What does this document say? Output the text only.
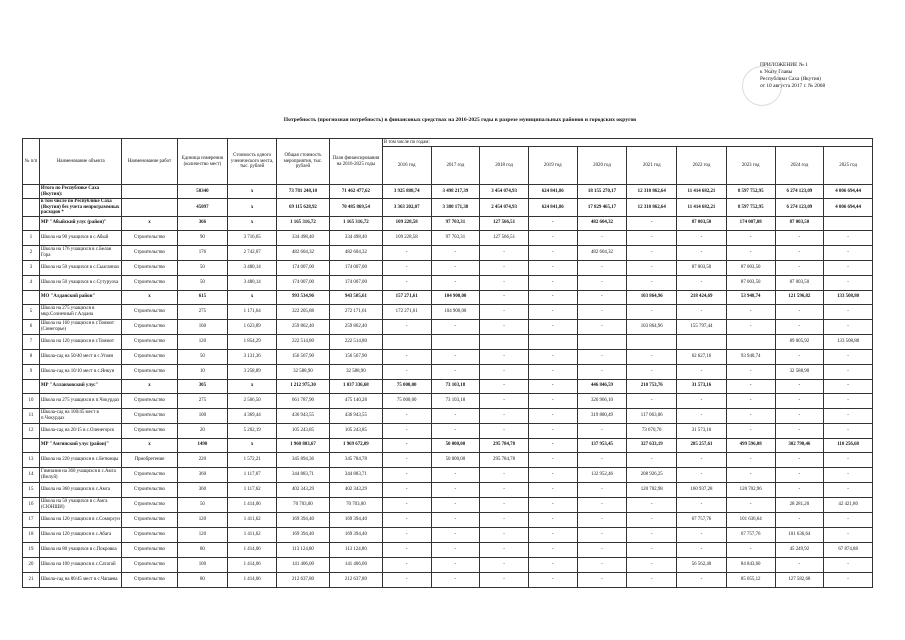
ПРИЛОЖЕНИЕ № 1
к Указу Главы
Республики Саха (Якутия)
от 10 августа 2017 г. № 2068
Потребность (прогнозная потребность) в финансовых средствах на 2016-2025 годы в разрезе муниципальных районов и городских округов
№ п/п	Наименование объекта	Наименование работ	Единица измерения (количество мест)	Стоимость одного ученического места, тыс. рублей	Общая стоимость мероприятия, тыс. рублей	План финансирования на 2016-2025 годы	В том числе по годам:									
							2016 год	2017 год	2018 год	2019 год	2020 год	2021 год	2022 год	2023 год	2024 год	2025 год
	Итого по Республике Саха (Якутия):		50340	x	73 781 248,10	71 462 477,62	3 925 888,74	3 498 217,39	3 454 074,93	624 841,86	18 155 270,17	12 310 862,64	11 414 682,21	8 597 752,95	6 274 123,09	4 006 694,44
	в том числе по Республике Саха (Якутия) без учета непрограммных расходов *		45097	x	69 115 628,92	70 485 869,54	3 363 202,07	3 380 171,38	2 454 074,93	624 841,86	17 829 465,17	12 310 862,64	11 414 682,21	8 597 752,95	6 274 123,09	4 006 694,44
	МР "Абыйский улус (район)"	x	366	x	1 165 316,72	1 165 316,72	109 228,58	97 703,31	127 566,51	-	482 604,32	-	87 003,50	174 007,08	87 003,50	
1	Школа на 90 учащихся в с.Абый	Строительство	90	3 716,65	334 498,40	334 498,40	109 228,58	97 703,31	127 566,51	-	-	-	-	-	-	-
2	Школа на 176 учащихся в с.Белая Гора	Строительство	176	2 742,07	482 604,32	482 604,32	-	-	-	-	482 604,32	-	-	-	-	-
3	Школа на 50 учащихся в с.Сыаганнах	Строительство	50	3 480,14	174 007,00	174 007,00	-	-	-	-	-	-	87 003,50	87 003,50	-	-
4	Школа на 50 учащихся в с.Сутуруоха	Строительство	50	3 480,14	174 007,00	174 007,00	-	-	-	-	-	-	-	87 003,50	87 003,50	-
	МО "Алданский район"	x	615	x	993 534,96	943 505,61	157 271,61	104 900,00	-	-	-	103 864,96	218 424,69	53 948,74	121 596,82	133 508,80
5	Школа на 275 учащихся в мкр.Солнечный г.Алдана	Строительство	275	1 171,64	322 205,88	272 171,61	172 271,61	104 900,00	-	-	-	-	-	-	-	-
6	Школа на 160 учащихся в г.Томмот (Синегорье)	Строительство	160	1 623,89	259 862,40	259 862,40	-	-	-	-	-	103 864,96	155 797,44	-	-	-
7	Школа на 120 учащихся в г.Томмот	Строительство	120	1 854,29	222 514,80	222 514,80									89 005,92	133 508,88
8	Школа-сад на 50/40 мест в с.Угоян	Строительство	50	3 131,36	156 567,90	156 567,90	-	-	-	-	-	-	62 627,16	93 940,74	-	-
9	Школа-сад на 10/10 мест в с.Янкун	Строительство	10	3 258,89	32 588,90	32 588,90	-	-	-	-	-	-	-	-	32 588,90	-
	МР "Аллаиховский улус"	x	305	x	1 212 975,30	1 037 336,68	75 000,00	73 103,18	-	-	446 846,59	210 753,76	31 573,16	-	-	-
10	Школа на 275 учащихся в п.Чокурдах	Строительство	275	2 566,50	661 787,90	475 140,28	75 000,00	73 103,18	-	-	326 966,10	-	-	-	-	-
11	Школа-сад на 100/45 мест в п.Чокурдах	Строительство	100	4 369,44	436 943,55	436 943,55	-	-	-	-	319 880,49	117 063,06	-	-	-	-
12	Школа-сад на 20/15 в с.Оленегорск	Строительство	20	5 262,19	105 243,85	105 243,85	-	-	-	-	-	73 670,70	31 573,16	-	-	-
	МР "Амгинский улус (район)"	x	1490	x	1 960 803,67	1 969 672,09	-	50 000,00	295 784,78	-	137 953,45	327 633,19	285 257,61	499 596,08	302 790,46	110 256,68
13	Школа на 220 учащихся в с.Бетюнцы	Приобретение	220	1 572,21	345 894,36	345 784,78	-	50 000,00	295 784,78	-	-	-	-	-	-	-
14	Гимназия на 360 учащихся в с.Амга (Вилуй)	Строительство	360	1 117,67	344 883,71	344 883,71	-	-	-	-	132 952,46	208 926,25	-	-	-	-
15	Школа на 360 учащихся в с.Амга	Строительство	360	1 117,62	402 343,29	402 343,29	-	-	-	-	-	120 702,98	160 937,28	120 702,96	-	-
16	Школа на 50 учащихся в с.Амга (СЮНШИ)	Строительство	50	1 414,06	70 703,00	70 703,00	-	-	-	-	-	-	-	-	28 281,20	42 421,80
17	Школа на 120 учащихся в с.Соморсун	Строительство	120	1 411,62	169 394,40	169 394,40	-	-	-	-	-	-	67 757,76	101 636,64	-	-
18	Школа на 120 учащихся в с.Абага	Строительство	120	1 411,62	169 394,40	169 394,40	-	-	-	-	-	-	-	67 757,76	101 636,64	-
19	Школа на 80 учащихся в с.Покровка	Строительство	80	1 414,06	113 124,80	113 124,80	-	-	-	-	-	-	-	-	45 249,92	67 874,88
20	Школа на 100 учащихся в с.Сатагай	Строительство	100	1 414,06	141 406,00	141 406,00	-	-	-	-	-	-	56 562,40	84 843,60	-	-
21	Школа-сад на 80/45 мест в с.Чапаева	Строительство	80	1 414,06	212 637,80	212 637,80	-	-	-	-	-	-	-	85 055,12	127 582,68	-
